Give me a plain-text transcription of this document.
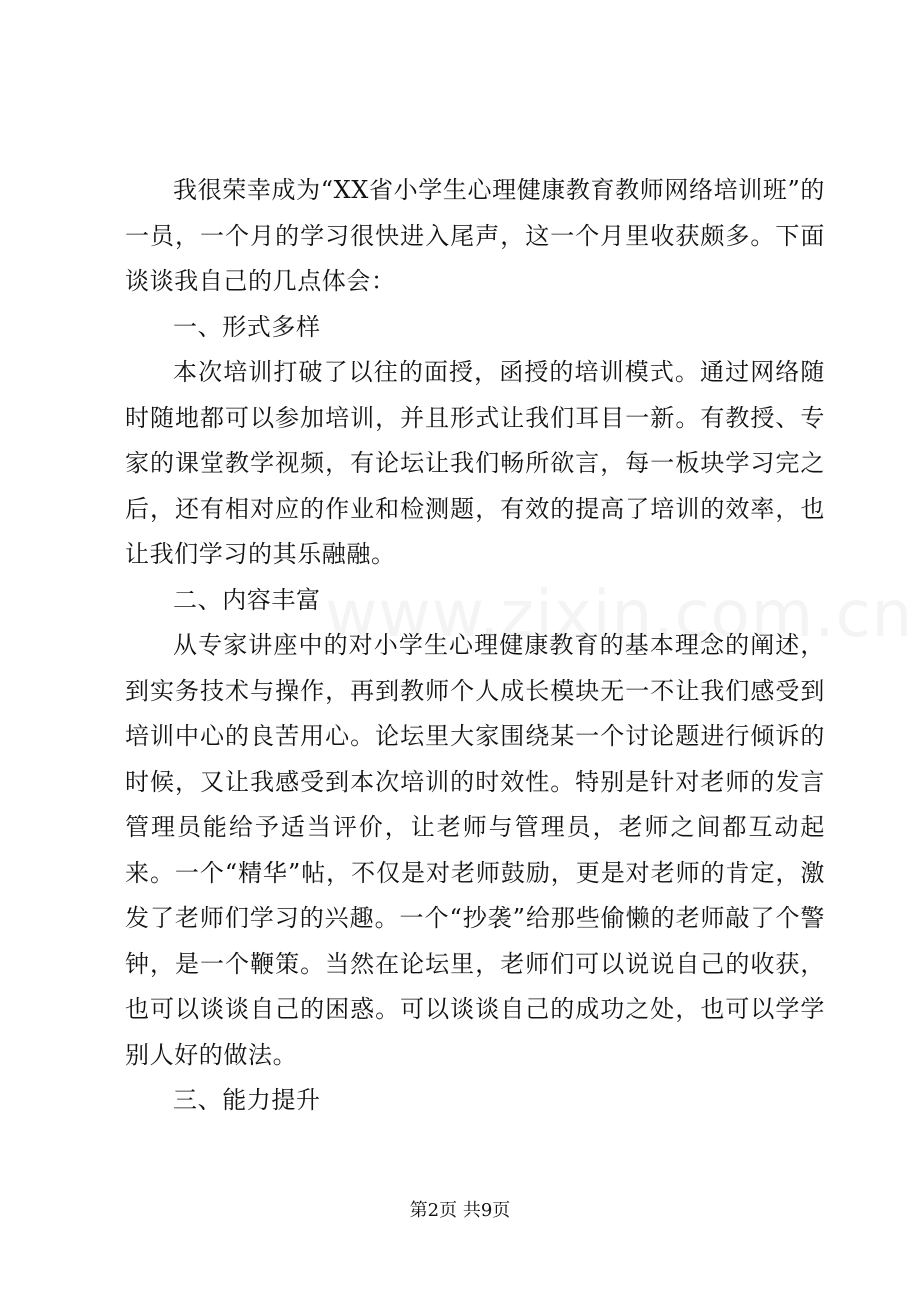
我很荣幸成为“XX省小学生心理健康教育教师网络培训班”的一员，一个月的学习很快进入尾声，这一个月里收获颇多。下面谈谈我自己的几点体会：

一、形式多样

本次培训打破了以往的面授，函授的培训模式。通过网络随时随地都可以参加培训，并且形式让我们耳目一新。有教授、专家的课堂教学视频，有论坛让我们畅所欲言，每一板块学习完之后，还有相对应的作业和检测题，有效的提高了培训的效率，也让我们学习的其乐融融。

二、内容丰富

从专家讲座中的对小学生心理健康教育的基本理念的阐述，到实务技术与操作，再到教师个人成长模块无一不让我们感受到培训中心的良苦用心。论坛里大家围绕某一个讨论题进行倾诉的时候，又让我感受到本次培训的时效性。特别是针对老师的发言管理员能给予适当评价，让老师与管理员，老师之间都互动起来。一个“精华”帖，不仅是对老师鼓励，更是对老师的肯定，激发了老师们学习的兴趣。一个“抄袭”给那些偷懒的老师敲了个警钟，是一个鞭策。当然在论坛里，老师们可以说说自己的收获，也可以谈谈自己的困惑。可以谈谈自己的成功之处，也可以学学别人好的做法。

三、能力提升

第2页 共9页
